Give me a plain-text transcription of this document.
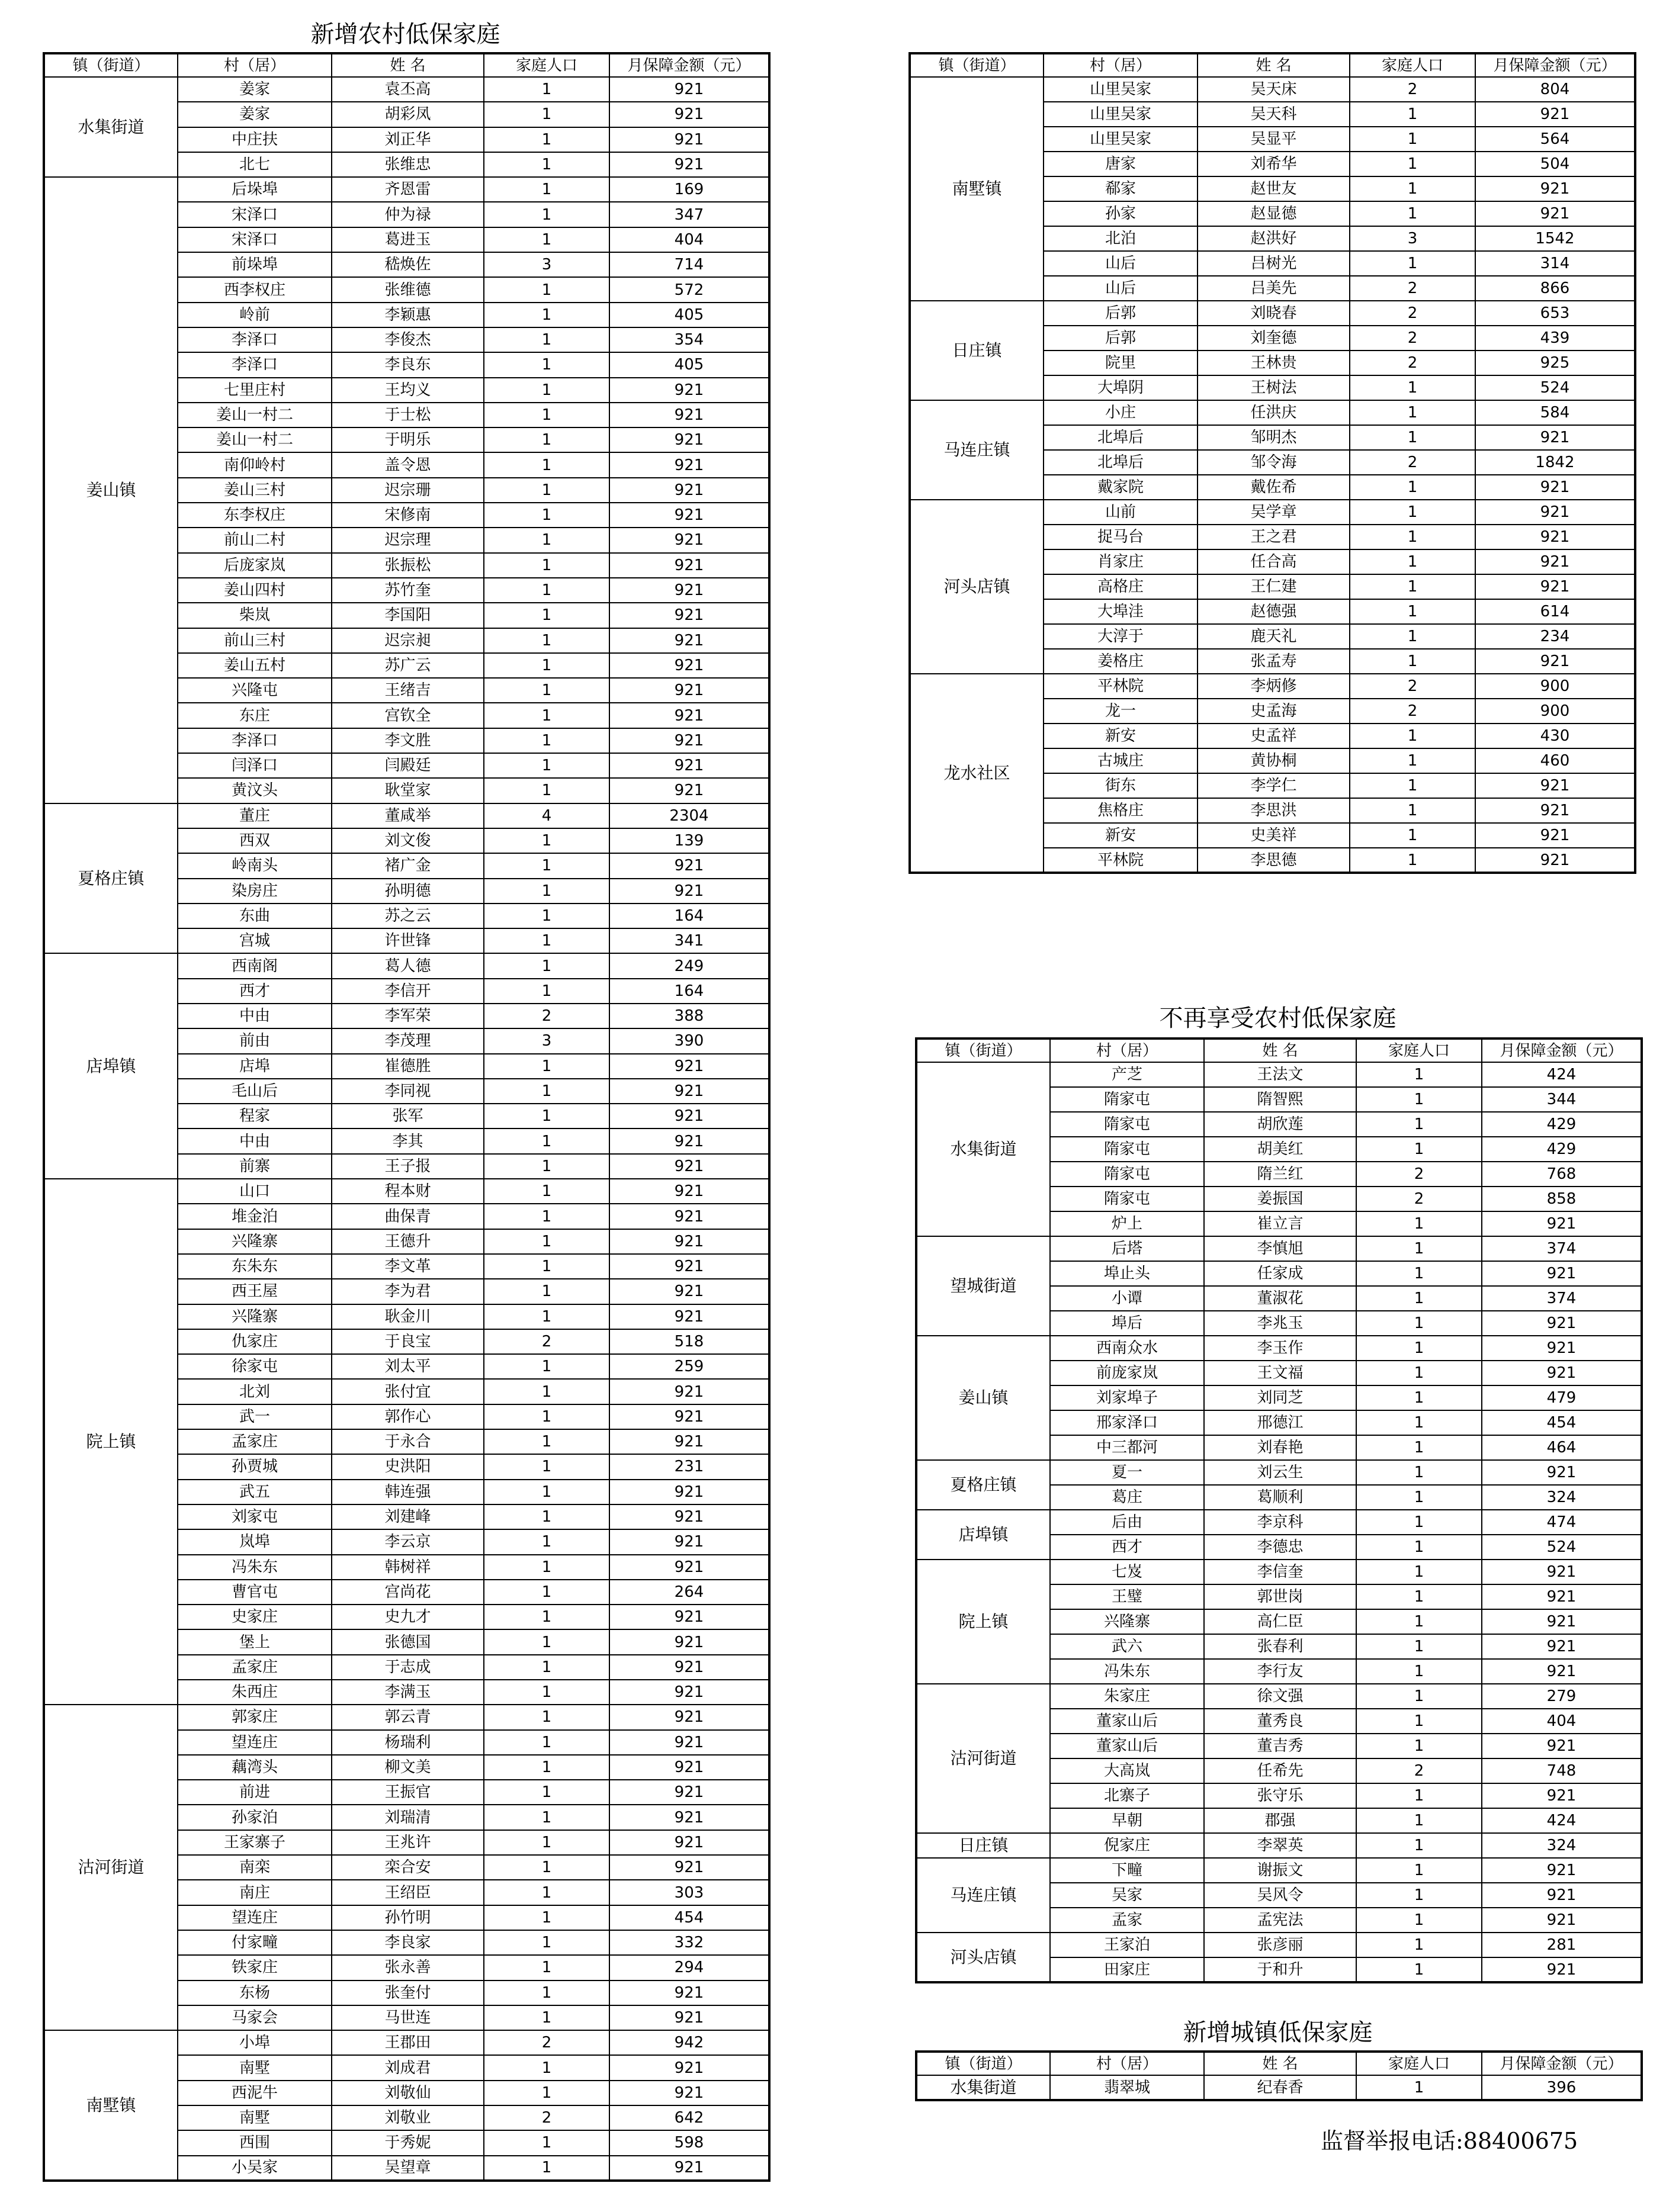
新增农村低保家庭
镇（街道）	村（居）	姓 名	家庭人口	月保障金额（元）
水集街道	姜家	袁丕高	1	921
	姜家	胡彩凤	1	921
	中庄扶	刘正华	1	921
	北七	张维忠	1	921
姜山镇	后垛埠	齐恩雷	1	169
	宋泽口	仲为禄	1	347
	宋泽口	葛进玉	1	404
	前垛埠	嵇焕佐	3	714
	西李权庄	张维德	1	572
	岭前	李颖惠	1	405
	李泽口	李俊杰	1	354
	李泽口	李良东	1	405
	七里庄村	王均义	1	921
	姜山一村二	于士松	1	921
	姜山一村二	于明乐	1	921
	南仰岭村	盖令恩	1	921
	姜山三村	迟宗珊	1	921
	东李权庄	宋修南	1	921
	前山二村	迟宗理	1	921
	后庞家岚	张振松	1	921
	姜山四村	苏竹奎	1	921
	柴岚	李国阳	1	921
	前山三村	迟宗昶	1	921
	姜山五村	苏广云	1	921
	兴隆屯	王绪吉	1	921
	东庄	宫钦全	1	921
	李泽口	李文胜	1	921
	闫泽口	闫殿廷	1	921
	黄汶头	耿堂家	1	921
夏格庄镇	董庄	董咸举	4	2304
	西双	刘文俊	1	139
	岭南头	褚广金	1	921
	染房庄	孙明德	1	921
	东曲	苏之云	1	164
	宫城	许世锋	1	341
店埠镇	西南阁	葛人德	1	249
	西才	李信开	1	164
	中由	李军荣	2	388
	前由	李茂理	3	390
	店埠	崔德胜	1	921
	毛山后	李同视	1	921
	程家	张军	1	921
	中由	李其	1	921
	前寨	王子报	1	921
院上镇	山口	程本财	1	921
	堆金泊	曲保青	1	921
	兴隆寨	王德升	1	921
	东朱东	李文革	1	921
	西王屋	李为君	1	921
	兴隆寨	耿金川	1	921
	仇家庄	于良宝	2	518
	徐家屯	刘太平	1	259
	北刘	张付宜	1	921
	武一	郭作心	1	921
	孟家庄	于永合	1	921
	孙贾城	史洪阳	1	231
	武五	韩连强	1	921
	刘家屯	刘建峰	1	921
	岚埠	李云京	1	921
	冯朱东	韩树祥	1	921
	曹官屯	宫尚花	1	264
	史家庄	史九才	1	921
	堡上	张德国	1	921
	孟家庄	于志成	1	921
	朱西庄	李满玉	1	921
沽河街道	郭家庄	郭云青	1	921
	望连庄	杨瑞利	1	921
	藕湾头	柳文美	1	921
	前进	王振官	1	921
	孙家泊	刘瑞清	1	921
	王家寨子	王兆许	1	921
	南栾	栾合安	1	921
	南庄	王绍臣	1	303
	望连庄	孙竹明	1	454
	付家疃	李良家	1	332
	铁家庄	张永善	1	294
	东杨	张奎付	1	921
	马家会	马世连	1	921
南墅镇	小埠	王郡田	2	942
	南墅	刘成君	1	921
	西泥牛	刘敬仙	1	921
	南墅	刘敬业	2	642
	西围	于秀妮	1	598
	小吴家	吴望章	1	921
镇（街道）	村（居）	姓 名	家庭人口	月保障金额（元）
南墅镇	山里吴家	吴天床	2	804
	山里吴家	吴天科	1	921
	山里吴家	吴显平	1	564
	唐家	刘希华	1	504
	郗家	赵世友	1	921
	孙家	赵显德	1	921
	北泊	赵洪好	3	1542
	山后	吕树光	1	314
	山后	吕美先	2	866
日庄镇	后郭	刘晓春	2	653
	后郭	刘奎德	2	439
	院里	王林贵	2	925
	大埠阴	王树法	1	524
马连庄镇	小庄	任洪庆	1	584
	北埠后	邹明杰	1	921
	北埠后	邹令海	2	1842
	戴家院	戴佐希	1	921
河头店镇	山前	吴学章	1	921
	捉马台	王之君	1	921
	肖家庄	任合高	1	921
	高格庄	王仁建	1	921
	大埠洼	赵德强	1	614
	大淳于	鹿天礼	1	234
	姜格庄	张孟寿	1	921
龙水社区	平林院	李炳修	2	900
	龙一	史孟海	2	900
	新安	史孟祥	1	430
	古城庄	黄协桐	1	460
	街东	李学仁	1	921
	焦格庄	李思洪	1	921
	新安	史美祥	1	921
	平林院	李思德	1	921
不再享受农村低保家庭
镇（街道）	村（居）	姓 名	家庭人口	月保障金额（元）
水集街道	产芝	王法文	1	424
	隋家屯	隋智熙	1	344
	隋家屯	胡欣莲	1	429
	隋家屯	胡美红	1	429
	隋家屯	隋兰红	2	768
	隋家屯	姜振国	2	858
	炉上	崔立言	1	921
望城街道	后塔	李慎旭	1	374
	埠止头	任家成	1	921
	小谭	董淑花	1	374
	埠后	李兆玉	1	921
姜山镇	西南众水	李玉作	1	921
	前庞家岚	王文福	1	921
	刘家埠子	刘同芝	1	479
	邢家泽口	邢德江	1	454
	中三都河	刘春艳	1	464
夏格庄镇	夏一	刘云生	1	921
	葛庄	葛顺利	1	324
店埠镇	后由	李京科	1	474
	西才	李德忠	1	524
院上镇	七岌	李信奎	1	921
	王璧	郭世岗	1	921
	兴隆寨	高仁臣	1	921
	武六	张春利	1	921
	冯朱东	李行友	1	921
沽河街道	朱家庄	徐文强	1	279
	董家山后	董秀良	1	404
	董家山后	董吉秀	1	921
	大高岚	任希先	2	748
	北寨子	张守乐	1	921
	早朝	郡强	1	424
日庄镇	倪家庄	李翠英	1	324
马连庄镇	下疃	谢振文	1	921
	吴家	吴风令	1	921
	孟家	孟宪法	1	921
河头店镇	王家泊	张彦丽	1	281
	田家庄	于和升	1	921
新增城镇低保家庭
镇（街道）	村（居）	姓 名	家庭人口	月保障金额（元）
水集街道	翡翠城	纪春香	1	396
监督举报电话:88400675
